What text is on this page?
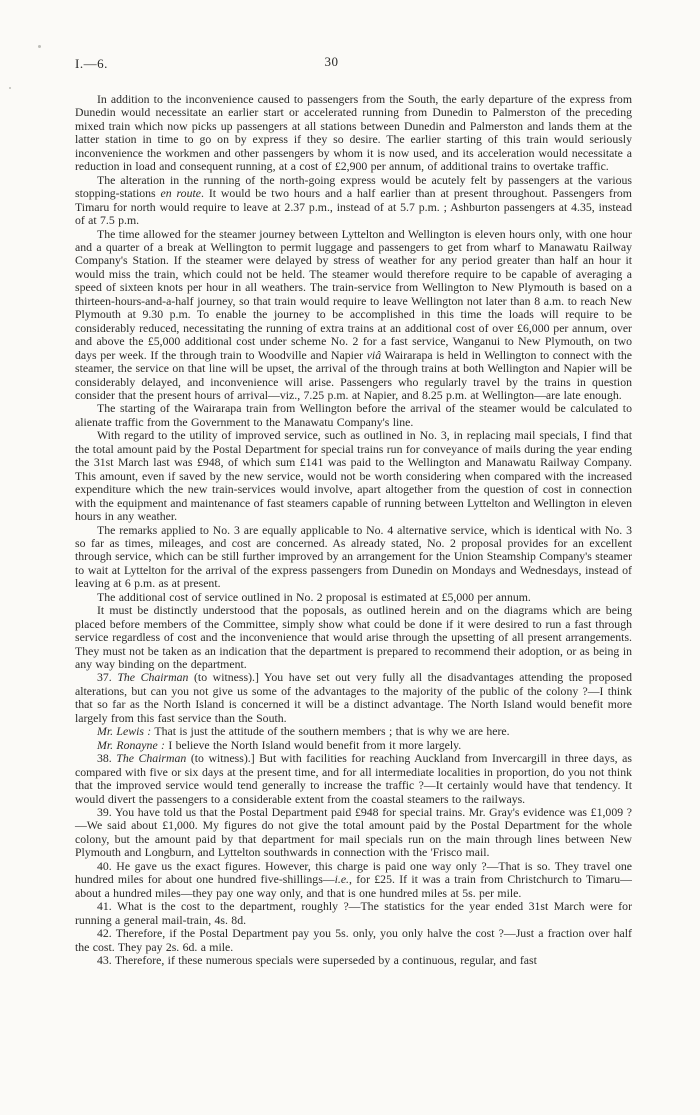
I.—6.	30

In addition to the inconvenience caused to passengers from the South, the early departure of the express from Dunedin would necessitate an earlier start or accelerated running from Dunedin to Palmerston of the preceding mixed train which now picks up passengers at all stations between Dunedin and Palmerston and lands them at the latter station in time to go on by express if they so desire. The earlier starting of this train would seriously inconvenience the workmen and other passengers by whom it is now used, and its acceleration would necessitate a reduction in load and consequent running, at a cost of £2,900 per annum, of additional trains to overtake traffic.

The alteration in the running of the north-going express would be acutely felt by passengers at the various stopping-stations en route. It would be two hours and a half earlier than at present throughout. Passengers from Timaru for north would require to leave at 2.37 p.m., instead of at 5.7 p.m. ; Ashburton passengers at 4.35, instead of at 7.5 p.m.

The time allowed for the steamer journey between Lyttelton and Wellington is eleven hours only, with one hour and a quarter of a break at Wellington to permit luggage and passengers to get from wharf to Manawatu Railway Company's Station. If the steamer were delayed by stress of weather for any period greater than half an hour it would miss the train, which could not be held. The steamer would therefore require to be capable of averaging a speed of sixteen knots per hour in all weathers. The train-service from Wellington to New Plymouth is based on a thirteen-hours-and-a-half journey, so that train would require to leave Wellington not later than 8 a.m. to reach New Plymouth at 9.30 p.m. To enable the journey to be accomplished in this time the loads will require to be considerably reduced, necessitating the running of extra trains at an additional cost of over £6,000 per annum, over and above the £5,000 additional cost under scheme No. 2 for a fast service, Wanganui to New Plymouth, on two days per week. If the through train to Woodville and Napier viâ Wairarapa is held in Wellington to connect with the steamer, the service on that line will be upset, the arrival of the through trains at both Wellington and Napier will be considerably delayed, and inconvenience will arise. Passengers who regularly travel by the trains in question consider that the present hours of arrival—viz., 7.25 p.m. at Napier, and 8.25 p.m. at Wellington—are late enough.

The starting of the Wairarapa train from Wellington before the arrival of the steamer would be calculated to alienate traffic from the Government to the Manawatu Company's line.

With regard to the utility of improved service, such as outlined in No. 3, in replacing mail specials, I find that the total amount paid by the Postal Department for special trains run for conveyance of mails during the year ending the 31st March last was £948, of which sum £141 was paid to the Wellington and Manawatu Railway Company. This amount, even if saved by the new service, would not be worth considering when compared with the increased expenditure which the new train-services would involve, apart altogether from the question of cost in connection with the equipment and maintenance of fast steamers capable of running between Lyttelton and Wellington in eleven hours in any weather.

The remarks applied to No. 3 are equally applicable to No. 4 alternative service, which is identical with No. 3 so far as times, mileages, and cost are concerned. As already stated, No. 2 proposal provides for an excellent through service, which can be still further improved by an arrangement for the Union Steamship Company's steamer to wait at Lyttelton for the arrival of the express passengers from Dunedin on Mondays and Wednesdays, instead of leaving at 6 p.m. as at present.

The additional cost of service outlined in No. 2 proposal is estimated at £5,000 per annum.

It must be distinctly understood that the poposals, as outlined herein and on the diagrams which are being placed before members of the Committee, simply show what could be done if it were desired to run a fast through service regardless of cost and the inconvenience that would arise through the upsetting of all present arrangements. They must not be taken as an indication that the department is prepared to recommend their adoption, or as being in any way binding on the department.

37. The Chairman (to witness).] You have set out very fully all the disadvantages attending the proposed alterations, but can you not give us some of the advantages to the majority of the public of the colony ?—I think that so far as the North Island is concerned it will be a distinct advantage. The North Island would benefit more largely from this fast service than the South.

Mr. Lewis : That is just the attitude of the southern members ; that is why we are here.

Mr. Ronayne : I believe the North Island would benefit from it more largely.

38. The Chairman (to witness).] But with facilities for reaching Auckland from Invercargill in three days, as compared with five or six days at the present time, and for all intermediate localities in proportion, do you not think that the improved service would tend generally to increase the traffic ?—It certainly would have that tendency. It would divert the passengers to a considerable extent from the coastal steamers to the railways.

39. You have told us that the Postal Department paid £948 for special trains. Mr. Gray's evidence was £1,009 ?—We said about £1,000. My figures do not give the total amount paid by the Postal Department for the whole colony, but the amount paid by that department for mail specials run on the main through lines between New Plymouth and Longburn, and Lyttelton southwards in connection with the 'Frisco mail.

40. He gave us the exact figures. However, this charge is paid one way only ?—That is so. They travel one hundred miles for about one hundred five-shillings—i.e., for £25. If it was a train from Christchurch to Timaru—about a hundred miles—they pay one way only, and that is one hundred miles at 5s. per mile.

41. What is the cost to the department, roughly ?—The statistics for the year ended 31st March were for running a general mail-train, 4s. 8d.

42. Therefore, if the Postal Department pay you 5s. only, you only halve the cost ?—Just a fraction over half the cost. They pay 2s. 6d. a mile.

43. Therefore, if these numerous specials were superseded by a continuous, regular, and fast
